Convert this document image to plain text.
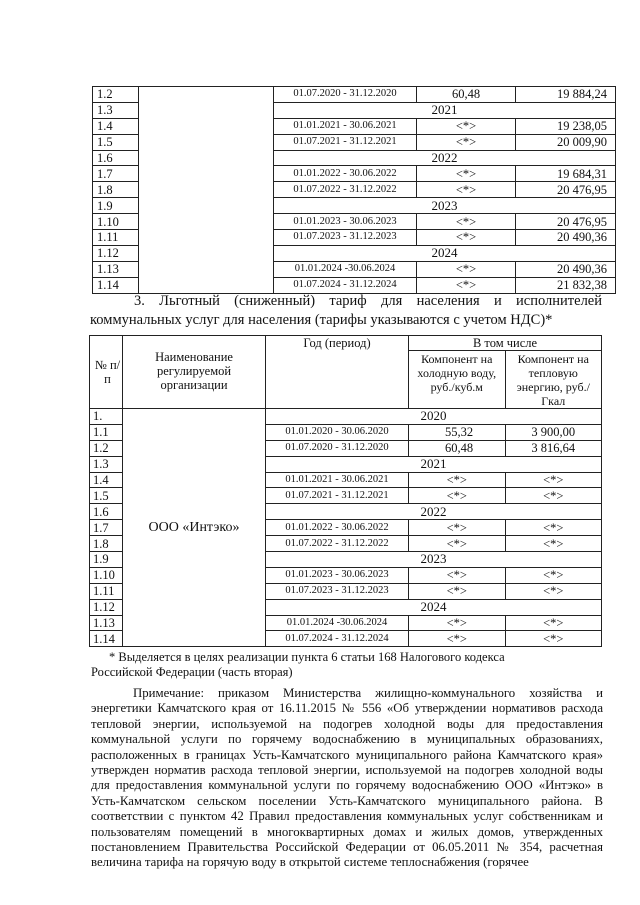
1.2		01.07.2020 - 31.12.2020	60,48	19 884,24
1.3		2021		
1.4		01.01.2021 - 30.06.2021	<*>	19 238,05
1.5		01.07.2021 - 31.12.2021	<*>	20 009,90
1.6		2022		
1.7		01.01.2022 - 30.06.2022	<*>	19 684,31
1.8		01.07.2022 - 31.12.2022	<*>	20 476,95
1.9		2023		
1.10		01.01.2023 - 30.06.2023	<*>	20 476,95
1.11		01.07.2023 - 31.12.2023	<*>	20 490,36
1.12		2024		
1.13		01.01.2024 -30.06.2024	<*>	20 490,36
1.14		01.07.2024 - 31.12.2024	<*>	21 832,38
3. Льготный (сниженный) тариф для населения и исполнителей
коммунальных услуг для населения (тарифы указываются с учетом НДС)*
№ п/п	Наименование регулируемой организации	Год (период)	В том числе	
			Компонент на холодную воду, руб./куб.м	Компонент на тепловую энергию, руб./Гкал
1.	ООО «Интэко»	2020		
1.1		01.01.2020 - 30.06.2020	55,32	3 900,00
1.2		01.07.2020 - 31.12.2020	60,48	3 816,64
1.3		2021		
1.4		01.01.2021 - 30.06.2021	<*>	<*>
1.5		01.07.2021 - 31.12.2021	<*>	<*>
1.6		2022		
1.7		01.01.2022 - 30.06.2022	<*>	<*>
1.8		01.07.2022 - 31.12.2022	<*>	<*>
1.9		2023		
1.10		01.01.2023 - 30.06.2023	<*>	<*>
1.11		01.07.2023 - 31.12.2023	<*>	<*>
1.12		2024		
1.13		01.01.2024 -30.06.2024	<*>	<*>
1.14		01.07.2024 - 31.12.2024	<*>	<*>
* Выделяется в целях реализации пункта 6 статьи 168 Налогового кодекса
Российской Федерации (часть вторая)

Примечание: приказом Министерства жилищно-коммунального хозяйства и энергетики Камчатского края от 16.11.2015 № 556 «Об утверждении нормативов расхода тепловой энергии, используемой на подогрев холодной воды для предоставления коммунальной услуги по горячему водоснабжению в муниципальных образованиях, расположенных в границах Усть-Камчатского муниципального района Камчатского края» утвержден норматив расхода тепловой энергии, используемой на подогрев холодной воды для предоставления коммунальной услуги по горячему водоснабжению ООО «Интэко» в Усть-Камчатском сельском поселении Усть-Камчатского муниципального района. В соответствии с пунктом 42 Правил предоставления коммунальных услуг собственникам и пользователям помещений в многоквартирных домах и жилых домов, утвержденных постановлением Правительства Российской Федерации от 06.05.2011 № 354, расчетная величина тарифа на горячую воду в открытой системе теплоснабжения (горячее
